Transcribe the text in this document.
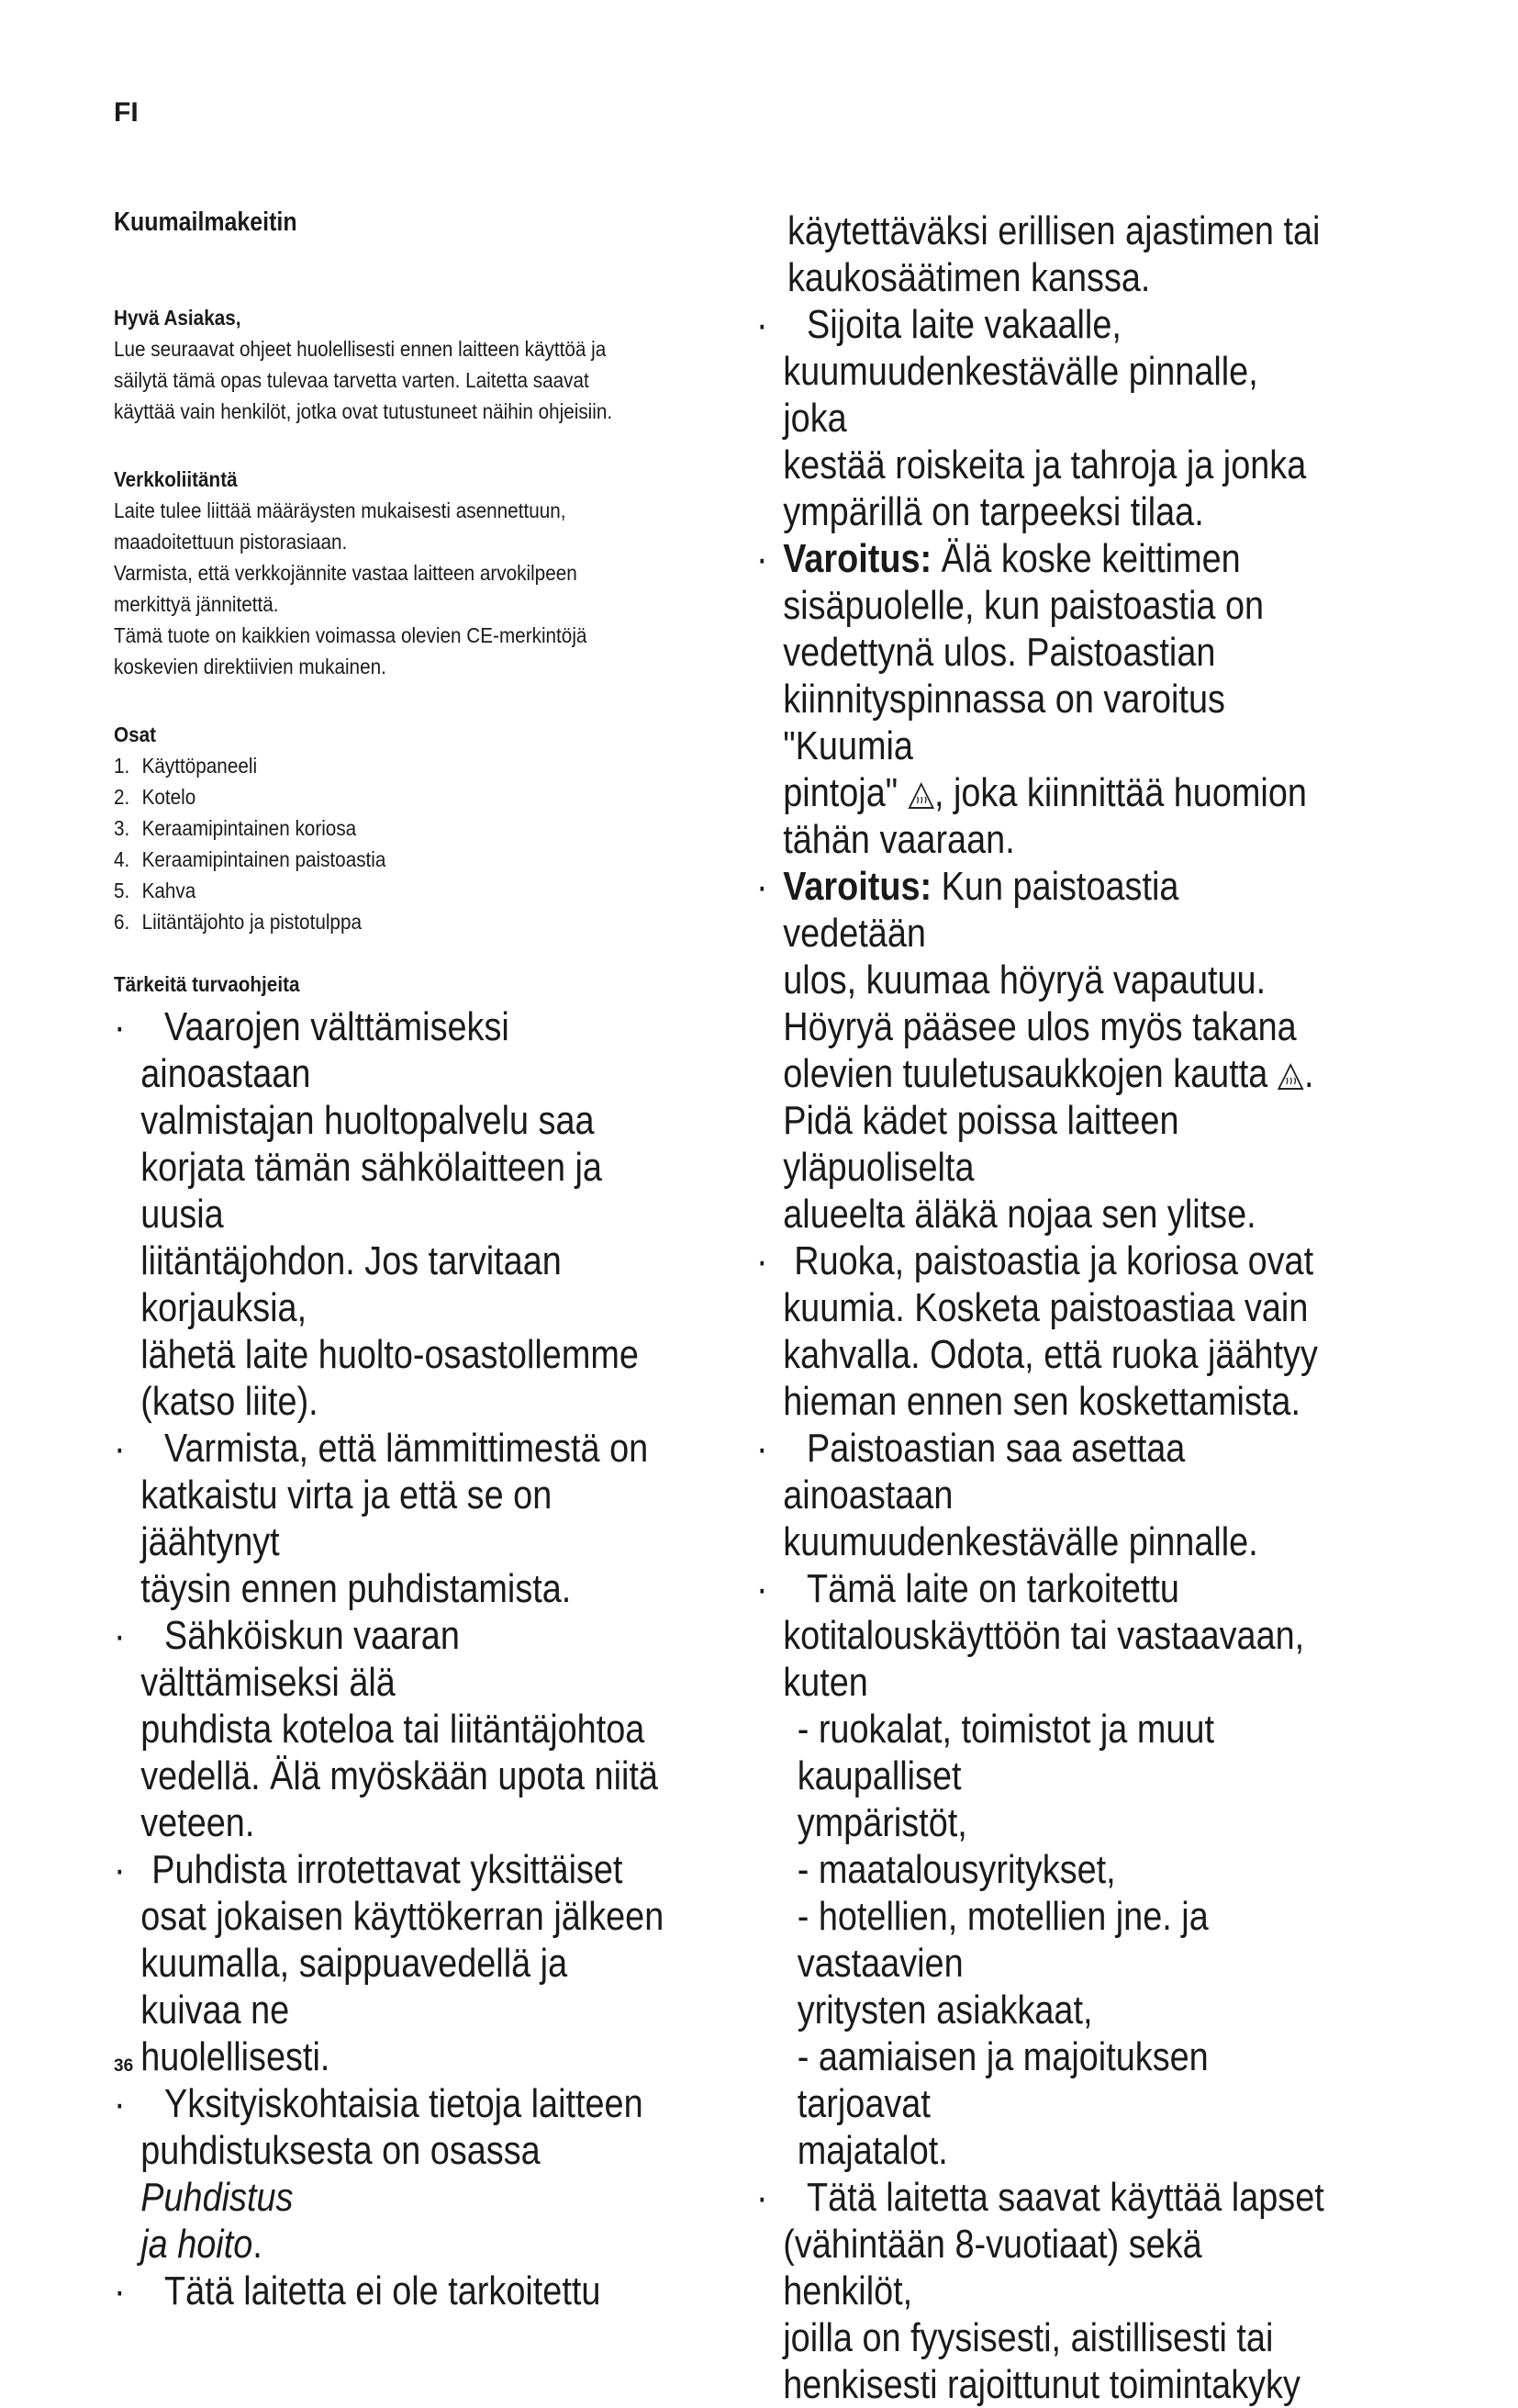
FI
Kuumailmakeitin

Hyvä Asiakas,

Lue seuraavat ohjeet huolellisesti ennen laitteen käyttöä ja

säilytä tämä opas tulevaa tarvetta varten. Laitetta saavat

käyttää vain henkilöt, jotka ovat tutustuneet näihin ohjeisiin.

Verkkoliitäntä

Laite tulee liittää määräysten mukaisesti asennettuun,

maadoitettuun pistorasiaan.

Varmista, että verkkojännite vastaa laitteen arvokilpeen

merkittyä jännitettä.

Tämä tuote on kaikkien voimassa olevien CE-merkintöjä

koskevien direktiivien mukainen.

Osat

1. Käyttöpaneeli
2. Kotelo
3. Keraamipintainen koriosa
4. Keraamipintainen paistoastia
5. Kahva
6. Liitäntäjohto ja pistotulppa

Tärkeitä turvaohjeita

· Vaarojen välttämiseksi ainoastaan
valmistajan huoltopalvelu saa
korjata tämän sähkölaitteen ja uusia
liitäntäjohdon. Jos tarvitaan korjauksia,
lähetä laite huolto-osastollemme
(katso liite).
· Varmista, että lämmittimestä on
katkaistu virta ja että se on jäähtynyt
täysin ennen puhdistamista.
· Sähköiskun vaaran välttämiseksi älä
puhdista koteloa tai liitäntäjohtoa
vedellä. Älä myöskään upota niitä
veteen.
· Puhdista irrotettavat yksittäiset
osat jokaisen käyttökerran jälkeen
kuumalla, saippuavedellä ja kuivaa ne
huolellisesti.
· Yksityiskohtaisia tietoja laitteen
puhdistuksesta on osassa Puhdistus
ja hoito.
· Tätä laitetta ei ole tarkoitettu
käytettäväksi erillisen ajastimen tai
kaukosäätimen kanssa.
· Sijoita laite vakaalle,
kuumuudenkestävälle pinnalle, joka
kestää roiskeita ja tahroja ja jonka
ympärillä on tarpeeksi tilaa.
· Varoitus: Älä koske keittimen
sisäpuolelle, kun paistoastia on
vedettynä ulos. Paistoastian
kiinnityspinnassa on varoitus "Kuumia
pintoja" , joka kiinnittää huomion
tähän vaaraan.
· Varoitus: Kun paistoastia vedetään
ulos, kuumaa höyryä vapautuu.
Höyryä pääsee ulos myös takana
olevien tuuletusaukkojen kautta .
Pidä kädet poissa laitteen yläpuoliselta
alueelta äläkä nojaa sen ylitse.
· Ruoka, paistoastia ja koriosa ovat
kuumia. Kosketa paistoastiaa vain
kahvalla. Odota, että ruoka jäähtyy
hieman ennen sen koskettamista.
· Paistoastian saa asettaa ainoastaan
kuumuudenkestävälle pinnalle.
· Tämä laite on tarkoitettu
kotitalouskäyttöön tai vastaavaan,
kuten
- ruokalat, toimistot ja muut kaupalliset
ympäristöt,
- maatalousyritykset,
- hotellien, motellien jne. ja vastaavien
yritysten asiakkaat,
- aamiaisen ja majoituksen tarjoavat
majatalot.
· Tätä laitetta saavat käyttää lapset
(vähintään 8-vuotiaat) sekä henkilöt,
joilla on fyysisesti, aistillisesti tai
henkisesti rajoittunut toimintakyky
36
